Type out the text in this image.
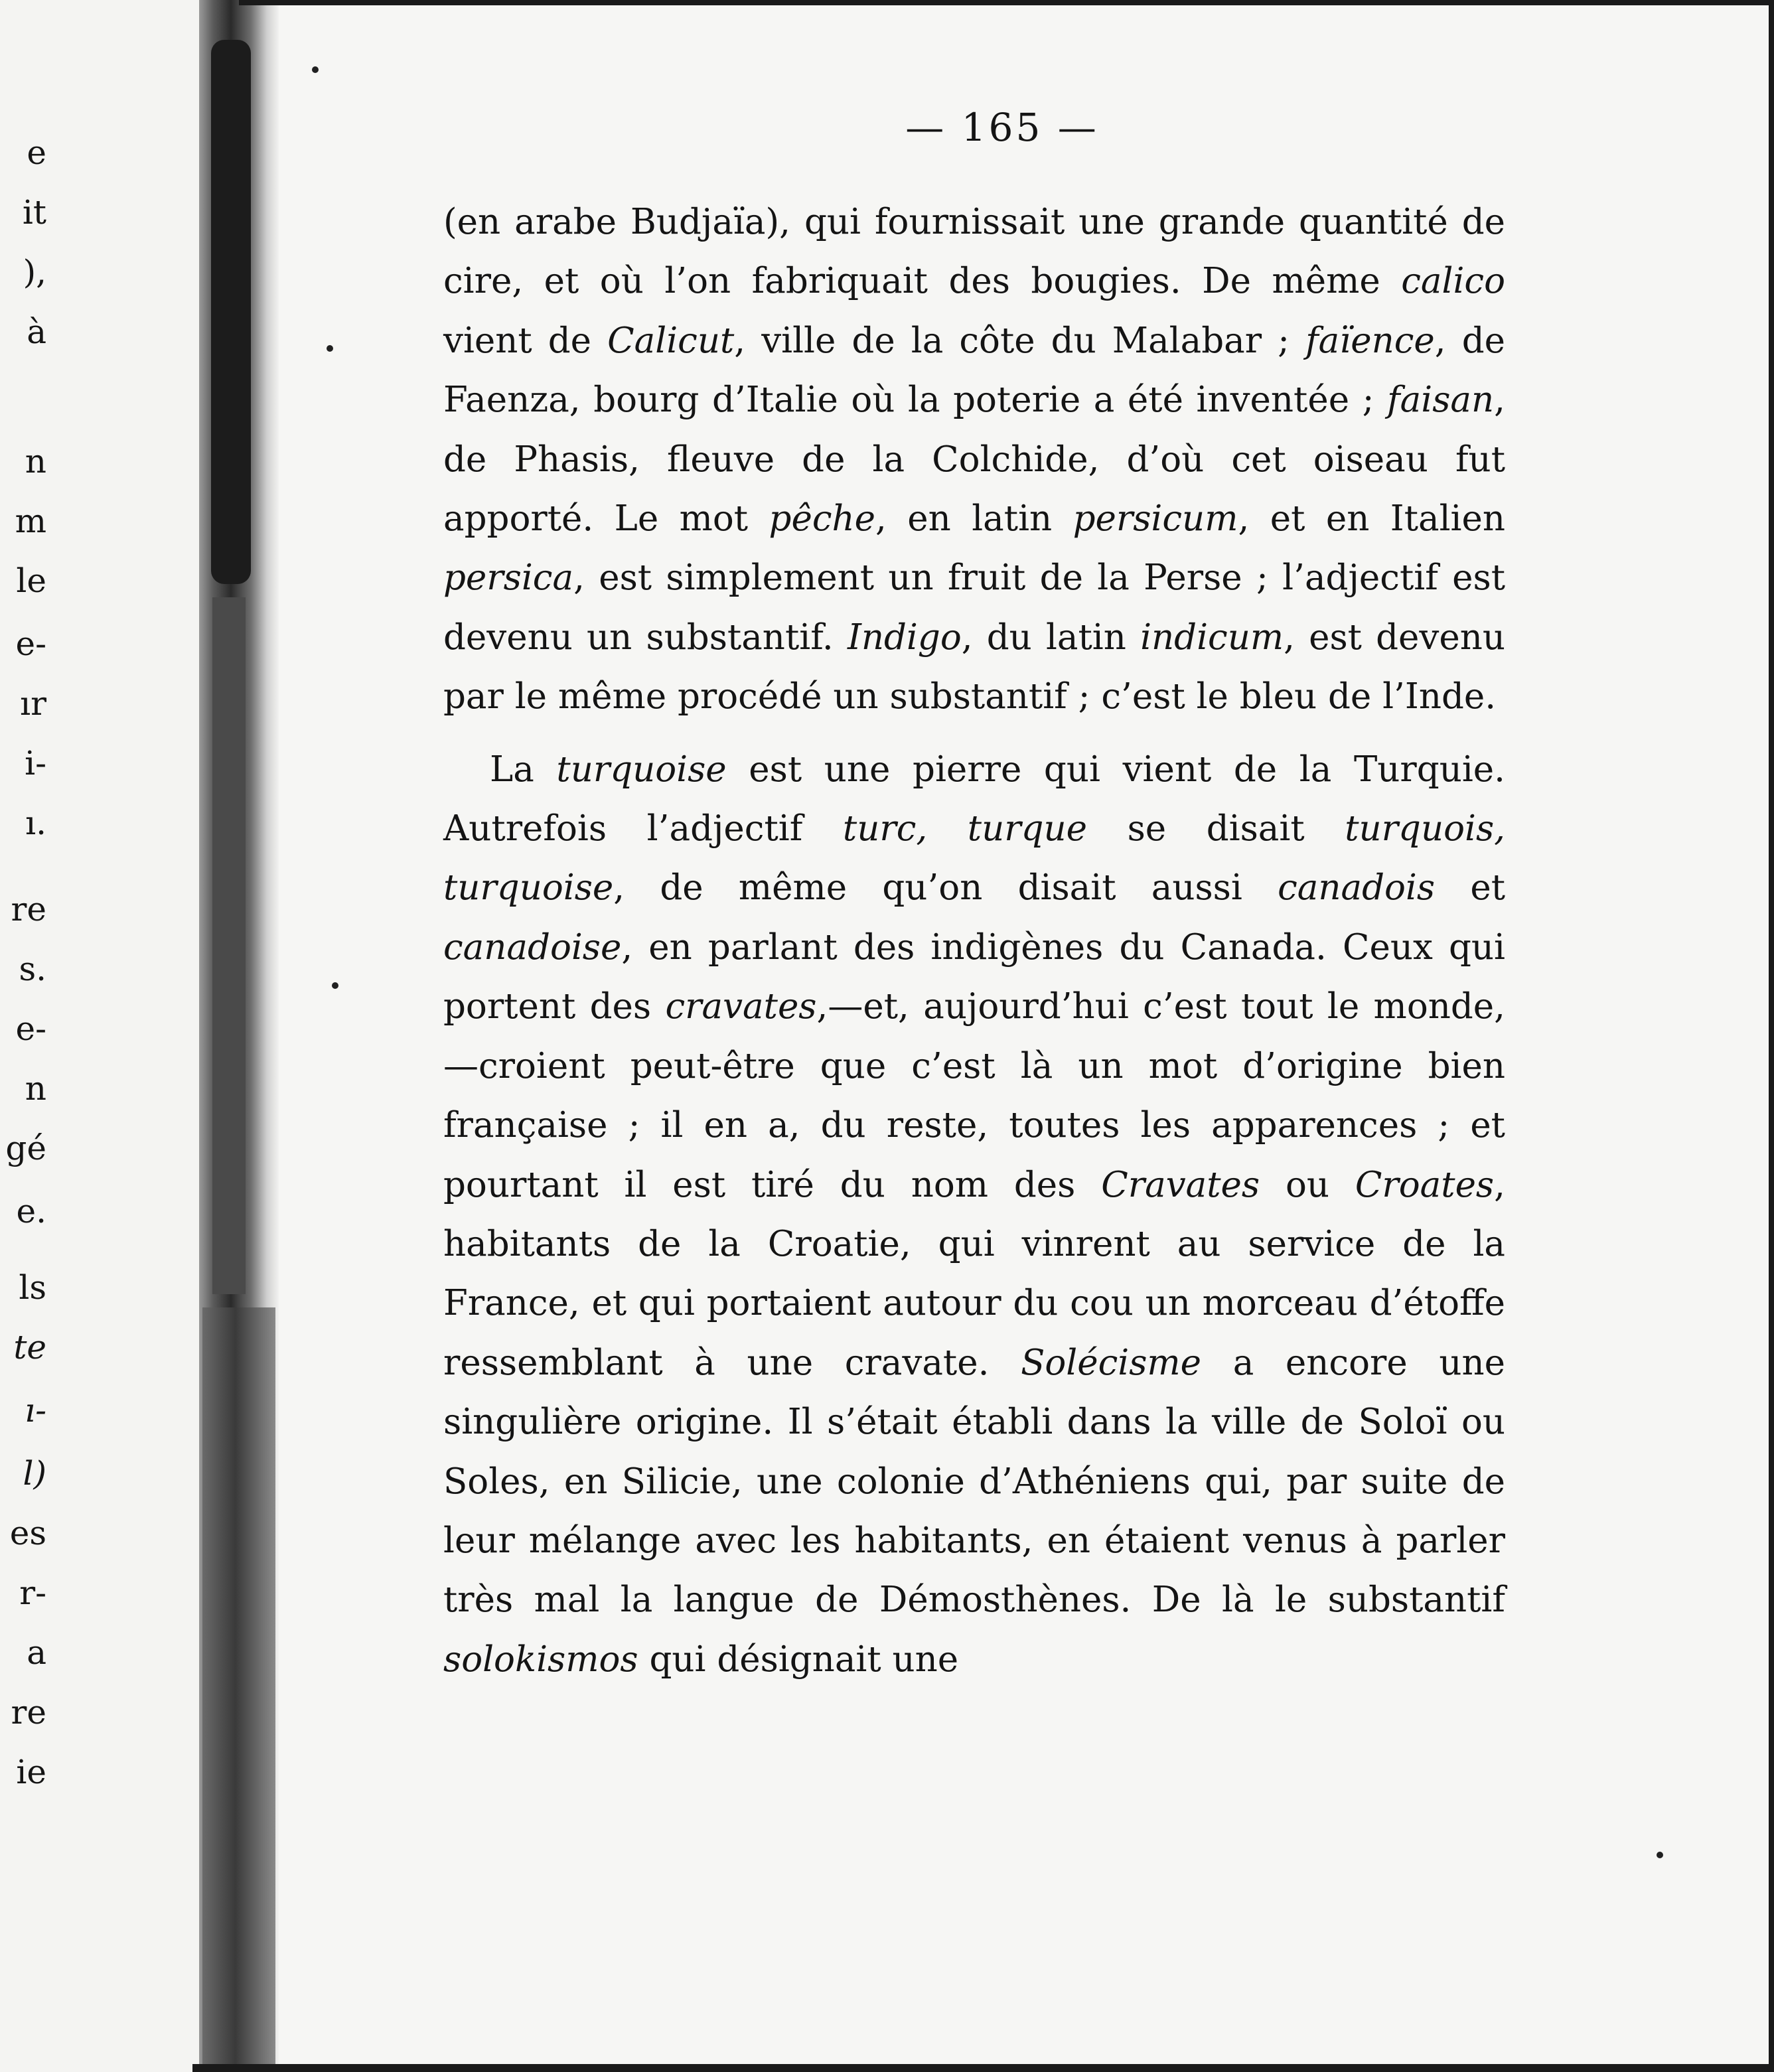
e
it
),
à
n
m
le
e-
ır
i-
ı.
re
s.
e-
n
gé
e.
ls
te
ı-
l)
es
r-
a
re
ie
— 165 —

(en arabe Budjaïa), qui fournissait une grande quantité de cire, et où l’on fabriquait des bougies. De même calico vient de Calicut, ville de la côte du Malabar ; faïence, de Faenza, bourg d’Italie où la poterie a été inventée ; faisan, de Phasis, fleuve de la Colchide, d’où cet oiseau fut apporté. Le mot pêche, en latin persicum, et en Italien persica, est simplement un fruit de la Perse ; l’adjectif est devenu un substantif. Indigo, du latin indicum, est devenu par le même procédé un substantif ; c’est le bleu de l’Inde.

La turquoise est une pierre qui vient de la Turquie. Autrefois l’adjectif turc, turque se disait turquois, turquoise, de même qu’on disait aussi canadois et canadoise, en parlant des indigènes du Canada. Ceux qui portent des cravates,—et, aujourd’hui c’est tout le monde,—croient peut-être que c’est là un mot d’origine bien française ; il en a, du reste, toutes les apparences ; et pourtant il est tiré du nom des Cravates ou Croates, habitants de la Croatie, qui vinrent au service de la France, et qui portaient autour du cou un morceau d’étoffe ressemblant à une cravate. Solécisme a encore une singulière origine. Il s’était établi dans la ville de Soloï ou Soles, en Silicie, une colonie d’Athéniens qui, par suite de leur mélange avec les habitants, en étaient venus à parler très mal la langue de Démosthènes. De là le substantif solokismos qui désignait une
